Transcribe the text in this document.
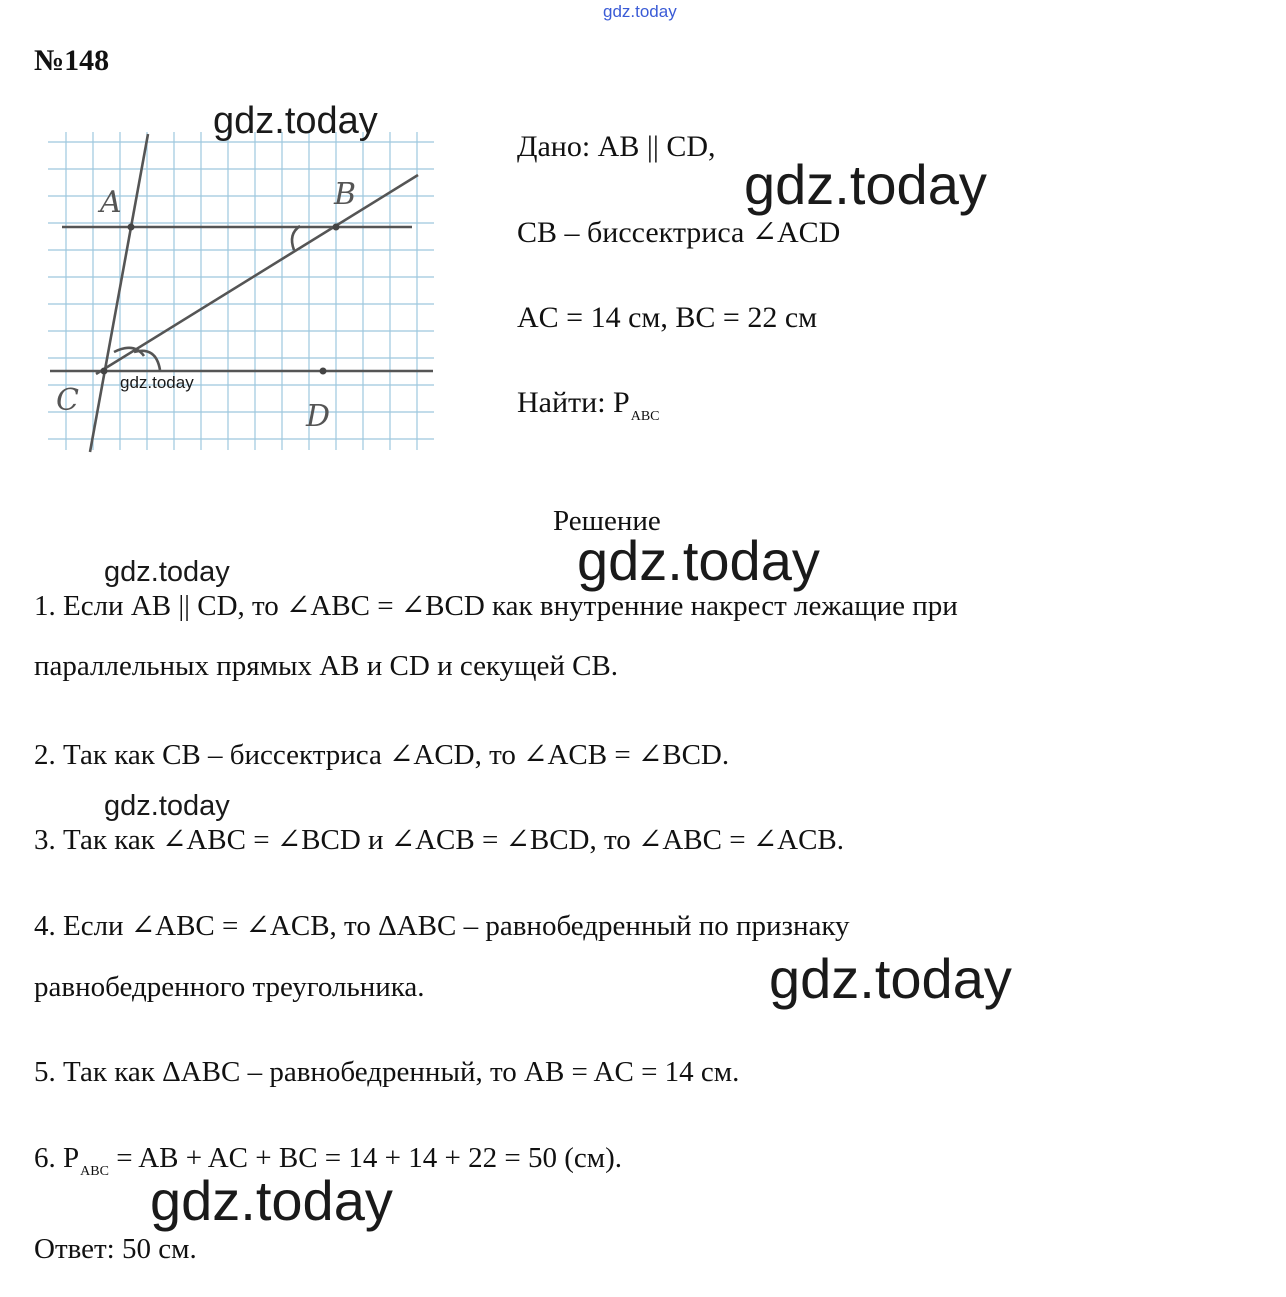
gdz.today
№148
A	B
C	D
gdz.today
gdz.today
Дано: AB || CD,
gdz.today
CB – биссектриса ∠ACD
AC = 14 см, BC = 22 см
Найти: $P_{ABC}$
Решение
gdz.today
gdz.today
1. Если AB || CD, то ∠ABC = ∠BCD как внутренние накрест лежащие при
параллельных прямых AB и CD и секущей CB.
2. Так как CB – биссектриса ∠ACD, то ∠ACB = ∠BCD.
gdz.today
3. Так как ∠ABC = ∠BCD и ∠ACB = ∠BCD, то ∠ABC = ∠ACB.
4. Если ∠ABC = ∠ACB, то ΔABC – равнобедренный по признаку
равнобедренного треугольника.	gdz.today
5. Так как ΔABC – равнобедренный, то AB = AC = 14 см.
6. $P_{ABC}$ = AB + AC + BC = 14 + 14 + 22 = 50 (см).
gdz.today
Ответ: 50 см.
